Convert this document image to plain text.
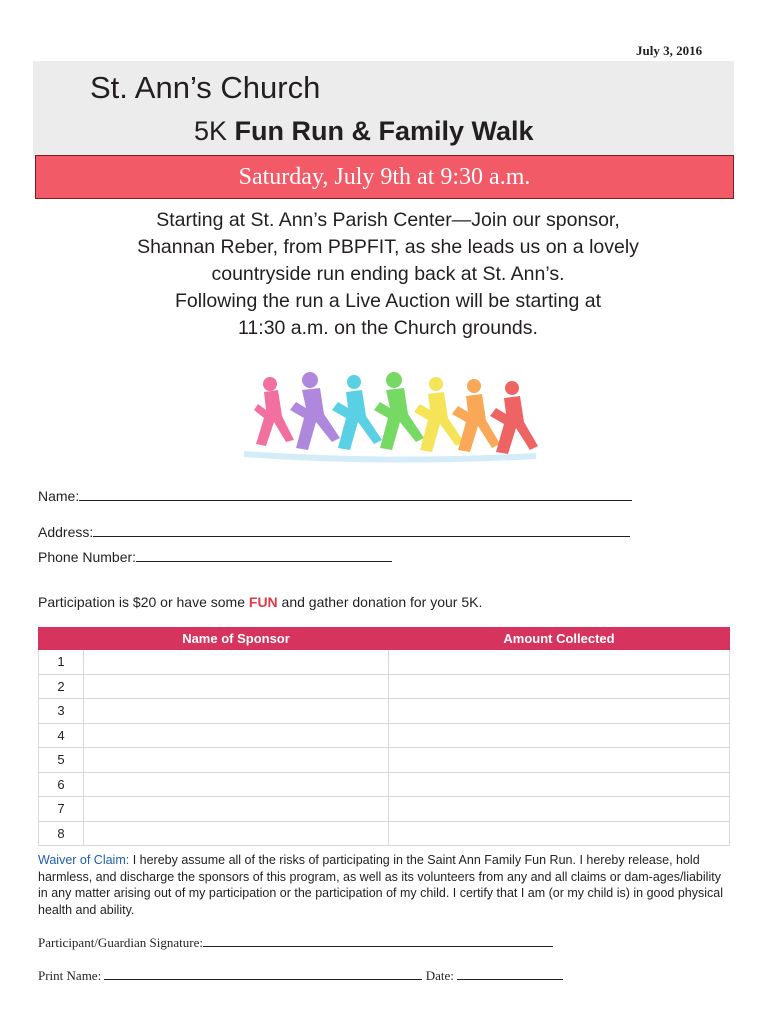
July 3, 2016
St. Ann’s Church
5K Fun Run & Family Walk
Saturday, July 9th at 9:30 a.m.
Starting at St. Ann’s Parish Center—Join our sponsor,
Shannan Reber, from PBPFIT, as she leads us on a lovely
countryside run ending back at St. Ann’s.
Following the run a Live Auction will be starting at
11:30 a.m. on the Church grounds.
Name:
Address:
Phone Number:
Participation is $20 or have some FUN and gather donation for your 5K.
	Name of Sponsor	Amount Collected
1		
2		
3		
4		
5		
6		
7		
8		
Waiver of Claim: I hereby assume all of the risks of participating in the Saint Ann Family Fun Run. I hereby release, hold harmless, and discharge the sponsors of this program, as well as its volunteers from any and all claims or dam-ages/liability in any matter arising out of my participation or the participation of my child. I certify that I am (or my child is) in good physical health and ability.
Participant/Guardian Signature:
Print Name:	Date:
